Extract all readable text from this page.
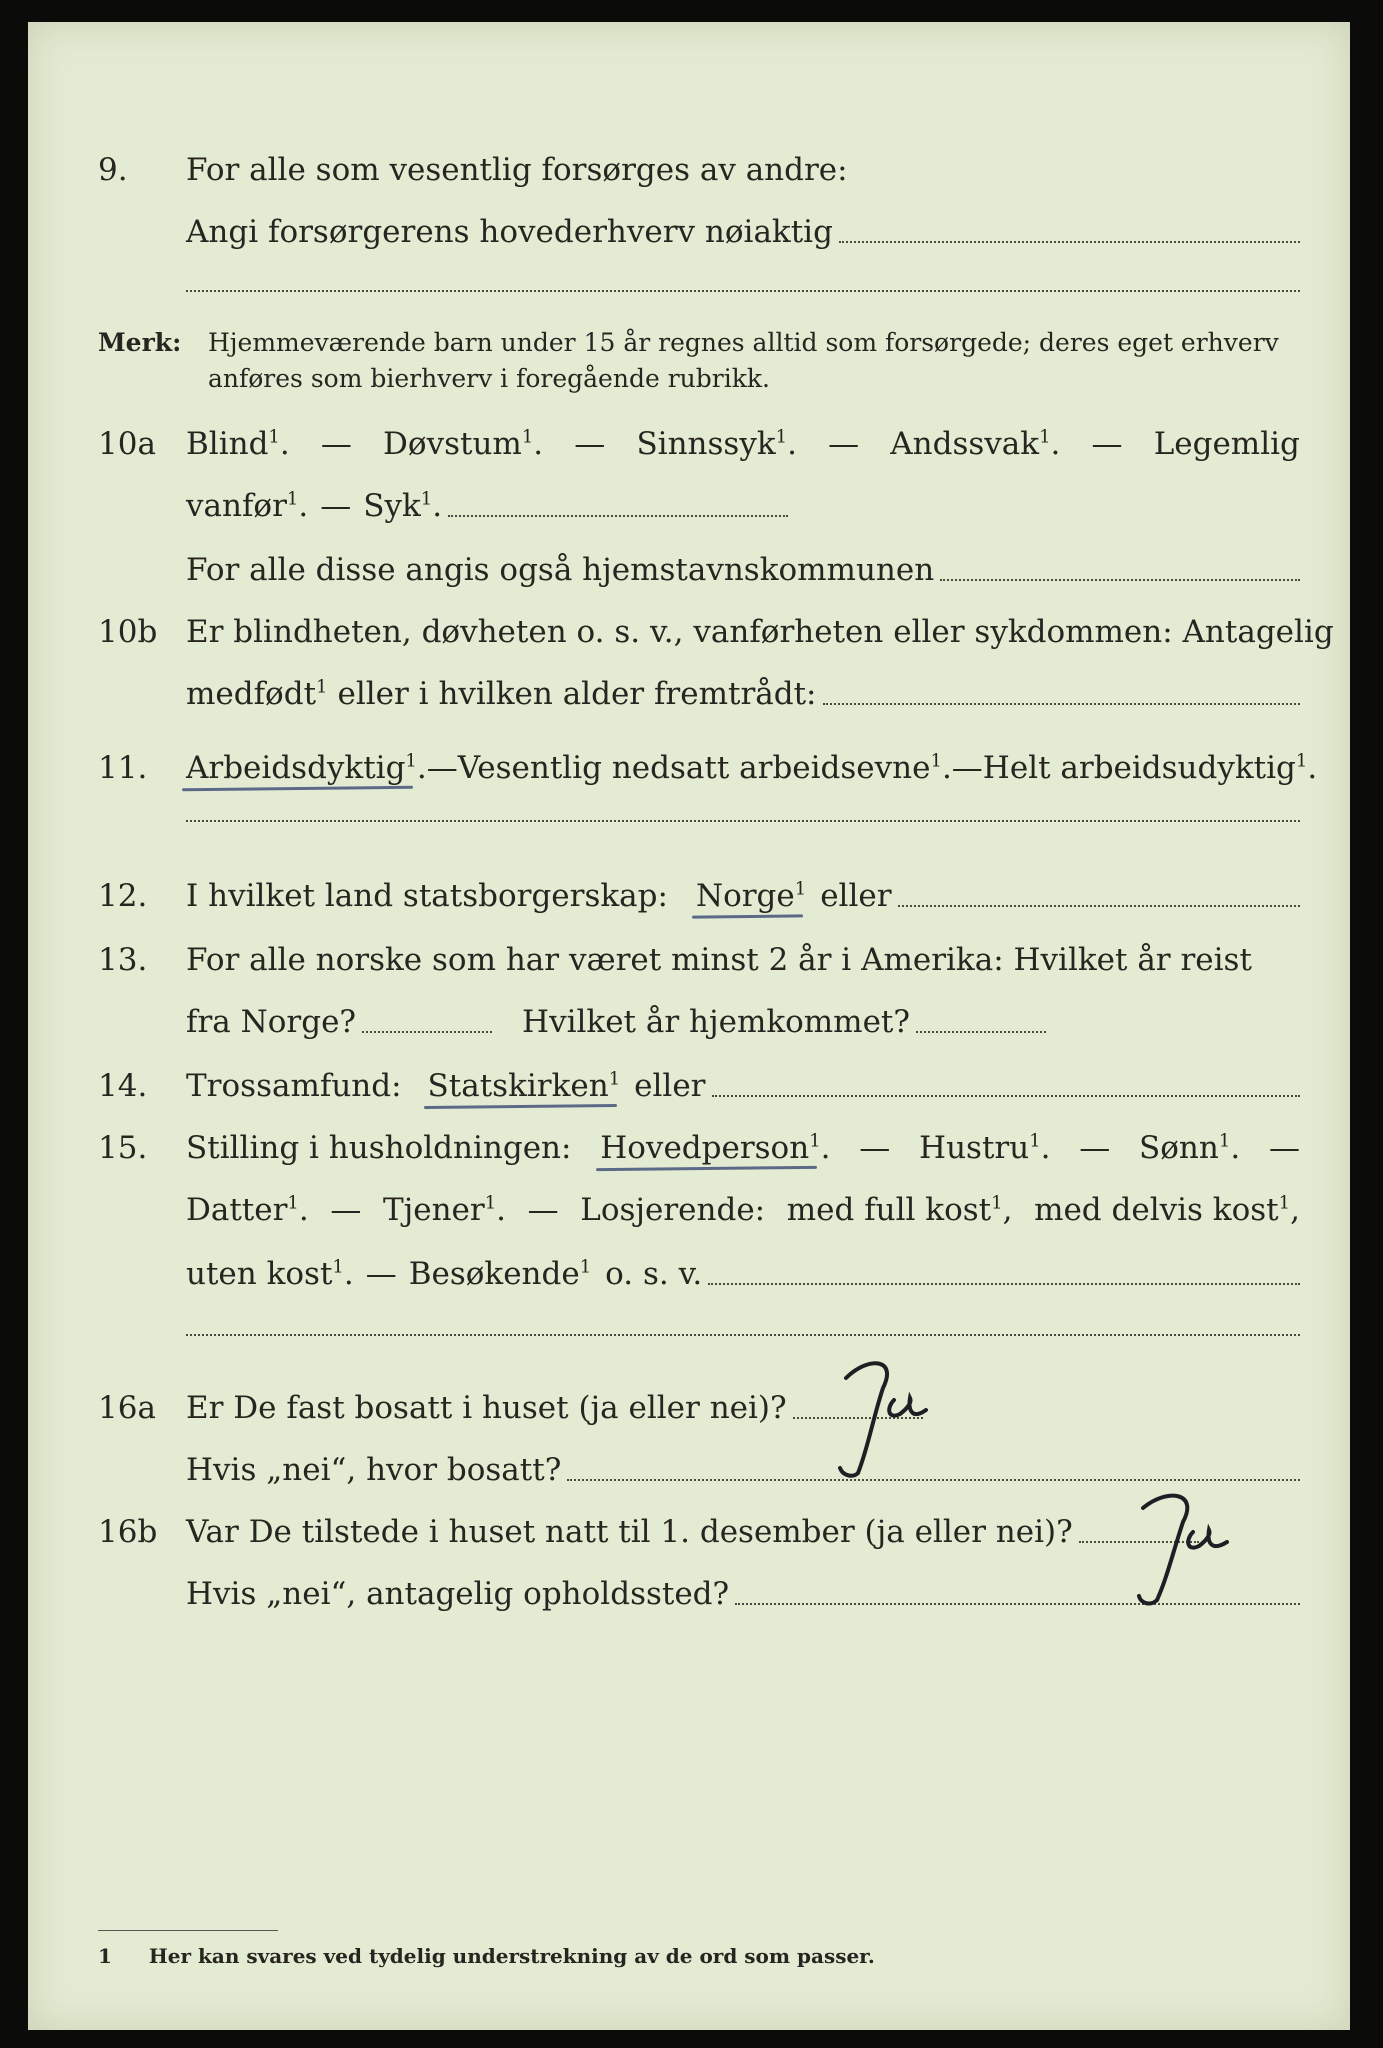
9.	For alle som vesentlig forsørges av andre:
Angi forsørgerens hovederhverv nøiaktig
Merk: Hjemmeværende barn under 15 år regnes alltid som forsørgede; deres eget erhverv
anføres som bierhverv i foregående rubrikk.
10a Blind$^1$. — Døvstum$^1$. — Sinnssyk$^1$. — Andssvak$^1$. — Legemlig
vanfør$^1$. — Syk$^1$.
For alle disse angis også hjemstavnskommunen
10b Er blindheten, døvheten o. s. v., vanførheten eller sykdommen: Antagelig
medfødt$^1$ eller i hvilken alder fremtrådt:
11.	Arbeidsdyktig$^1$. — Vesentlig nedsatt arbeidsevne$^1$. — Helt arbeidsudyktig$^1$.
12.	I hvilket land statsborgerskap: Norge$^1$ eller
13.	For alle norske som har været minst 2 år i Amerika: Hvilket år reist
fra Norge?	Hvilket år hjemkommet?
14.	Trossamfund: Statskirken$^1$ eller
15.	Stilling i husholdningen: Hovedperson$^1$. — Hustru$^1$. — Sønn$^1$. —
Datter$^1$. — Tjener$^1$. — Losjerende: med full kost$^1$, med delvis kost$^1$,
uten kost$^1$. — Besøkende$^1$ o. s. v.
16a Er De fast bosatt i huset (ja eller nei)?
Hvis „nei“, hvor bosatt?
16b Var De tilstede i huset natt til 1. desember (ja eller nei)?
Hvis „nei“, antagelig opholdssted?
1 Her kan svares ved tydelig understrekning av de ord som passer.
